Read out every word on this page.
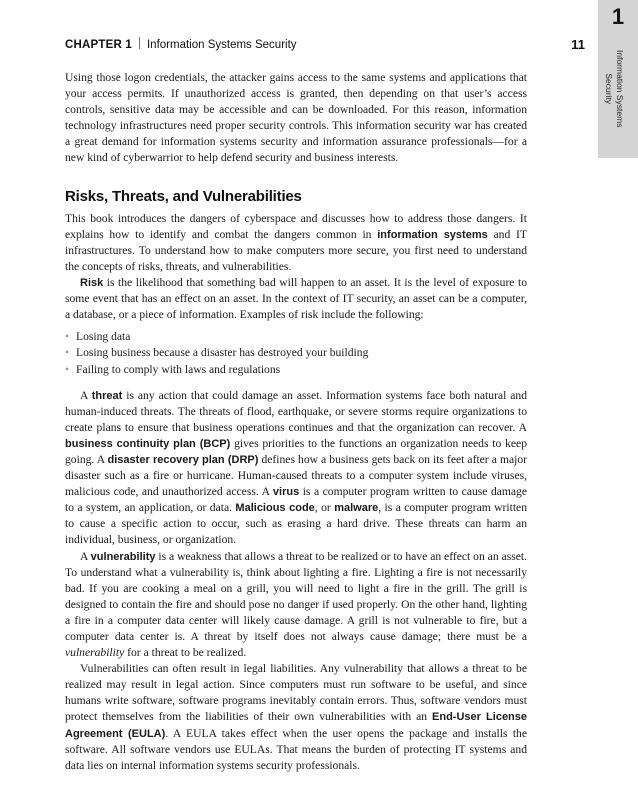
CHAPTER 1 Information Systems Security	11
1
Information Systems
Security

Using those logon credentials, the attacker gains access to the same systems and applications that your access permits. If unauthorized access is granted, then depending on that user’s access controls, sensitive data may be accessible and can be downloaded. For this reason, information technology infrastructures need proper security controls. This information security war has created a great demand for information systems security and information assurance professionals—for a new kind of cyberwarrior to help defend security and business interests.

Risks, Threats, and Vulnerabilities

This book introduces the dangers of cyberspace and discusses how to address those dangers. It explains how to identify and combat the dangers common in information systems and IT infrastructures. To understand how to make computers more secure, you first need to understand the concepts of risks, threats, and vulnerabilities.

Risk is the likelihood that something bad will happen to an asset. It is the level of exposure to some event that has an effect on an asset. In the context of IT security, an asset can be a computer, a database, or a piece of information. Examples of risk include the following:

• Losing data
• Losing business because a disaster has destroyed your building
• Failing to comply with laws and regulations

A threat is any action that could damage an asset. Information systems face both natural and human-induced threats. The threats of flood, earthquake, or severe storms require organizations to create plans to ensure that business operations continues and that the organization can recover. A business continuity plan (BCP) gives priorities to the functions an organization needs to keep going. A disaster recovery plan (DRP) defines how a business gets back on its feet after a major disaster such as a fire or hurricane. Human-caused threats to a computer system include viruses, malicious code, and unauthorized access. A virus is a computer program written to cause damage to a system, an application, or data. Malicious code, or malware, is a computer program written to cause a specific action to occur, such as erasing a hard drive. These threats can harm an individual, business, or organization.

A vulnerability is a weakness that allows a threat to be realized or to have an effect on an asset. To understand what a vulnerability is, think about lighting a fire. Lighting a fire is not necessarily bad. If you are cooking a meal on a grill, you will need to light a fire in the grill. The grill is designed to contain the fire and should pose no danger if used properly. On the other hand, lighting a fire in a computer data center will likely cause damage. A grill is not vulnerable to fire, but a computer data center is. A threat by itself does not always cause damage; there must be a vulnerability for a threat to be realized.

Vulnerabilities can often result in legal liabilities. Any vulnerability that allows a threat to be realized may result in legal action. Since computers must run software to be useful, and since humans write software, software programs inevitably contain errors. Thus, software vendors must protect themselves from the liabilities of their own vulnerabilities with an End-User License Agreement (EULA). A EULA takes effect when the user opens the package and installs the software. All software vendors use EULAs. That means the burden of protecting IT systems and data lies on internal information systems security professionals.
